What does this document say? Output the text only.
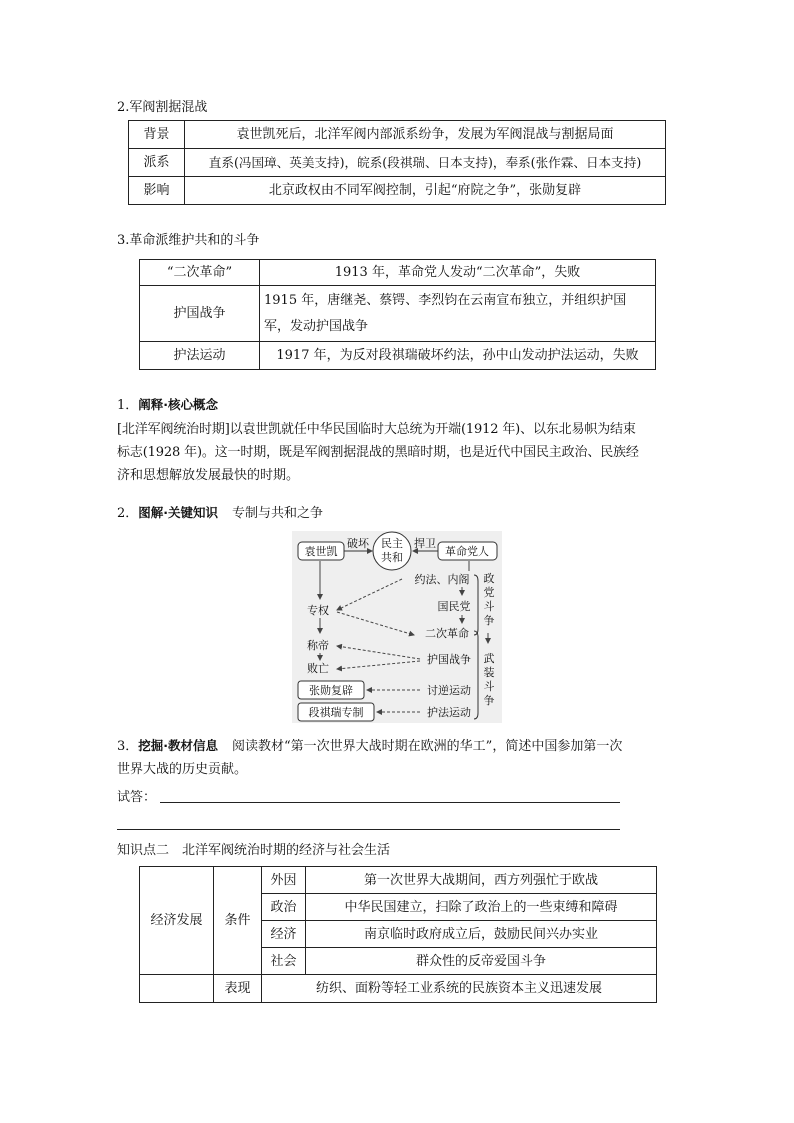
2.军阀割据混战
背景	袁世凯死后，北洋军阀内部派系纷争，发展为军阀混战与割据局面
派系	直系(冯国璋、英美支持)，皖系(段祺瑞、日本支持)，奉系(张作霖、日本支持)
影响	北京政权由不同军阀控制，引起“府院之争”，张勋复辟
3.革命派维护共和的斗争
“二次革命”	1913 年，革命党人发动“二次革命”，失败
护国战争	1915 年，唐继尧、蔡锷、李烈钧在云南宣布独立，并组织护国
军，发动护国战争

护法运动	1917 年，为反对段祺瑞破坏约法，孙中山发动护法运动，失败
1．阐释·核心概念
[北洋军阀统治时期]以袁世凯就任中华民国临时大总统为开端(1912 年)、以东北易帜为结束
标志(1928 年)。这一时期，既是军阀割据混战的黑暗时期，也是近代中国民主政治、民族经
济和思想解放发展最快的时期。
2．图解·关键知识 专制与共和之争
袁世凯
破坏 民主
共和
捍卫
革命党人
专权
称帝
败亡
约法、内阁
国民党
二次革命
护国战争
讨逆运动
护法运动
张勋复辟
段祺瑞专制
政
党
斗
争
武
装
斗
争
3．挖掘·教材信息 阅读教材“第一次世界大战时期在欧洲的华工”，简述中国参加第一次
世界大战的历史贡献。
试答：
知识点二　北洋军阀统治时期的经济与社会生活
经济发展	条件	外因	第一次世界大战期间，西方列强忙于欧战
		政治	中华民国建立，扫除了政治上的一些束缚和障碍
		经济	南京临时政府成立后，鼓励民间兴办实业
		社会	群众性的反帝爱国斗争
	表现	纺织、面粉等轻工业系统的民族资本主义迅速发展	
